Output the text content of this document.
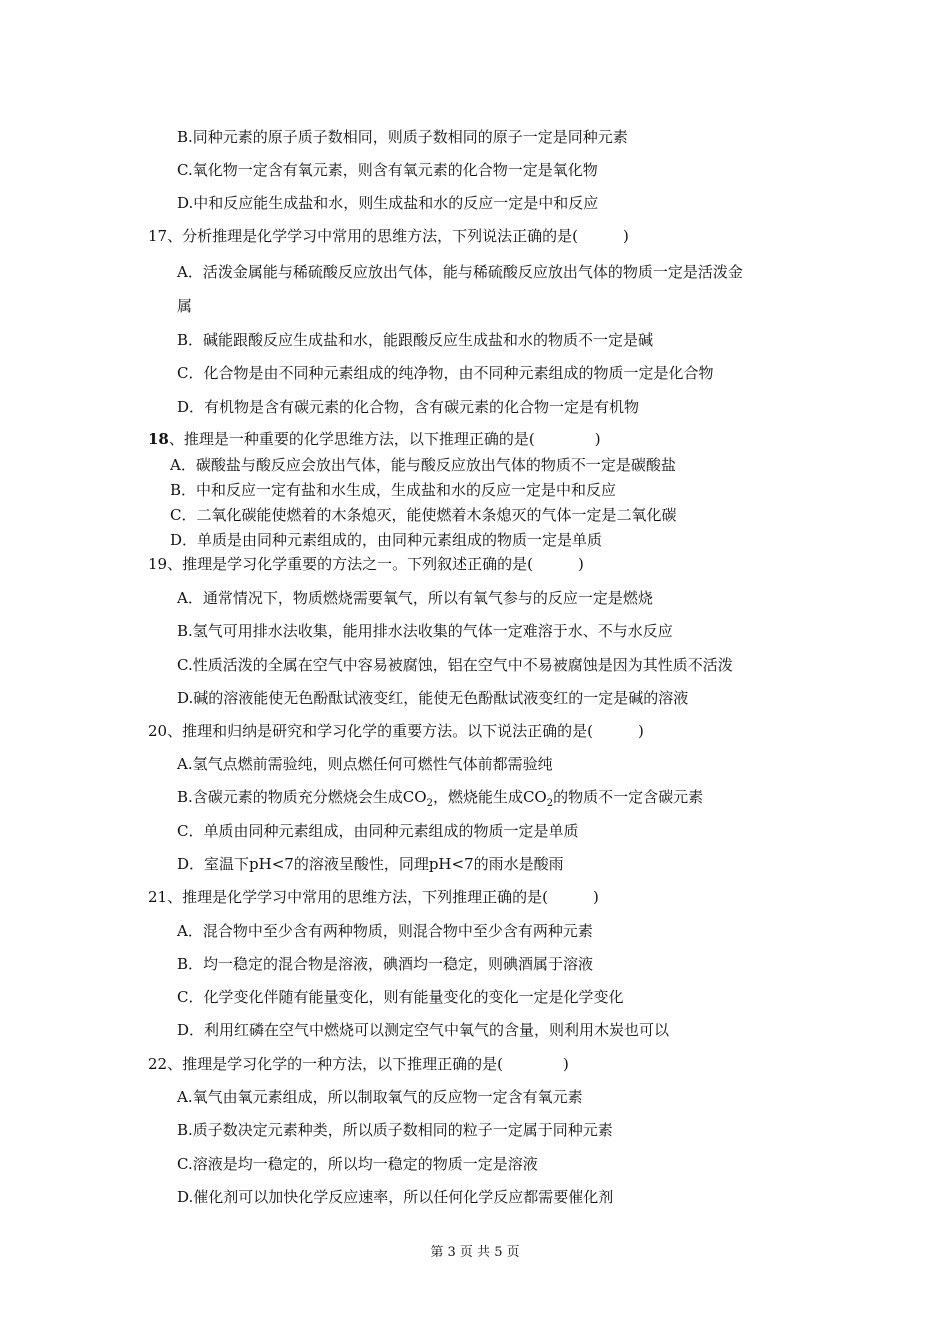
B.同种元素的原子质子数相同，则质子数相同的原子一定是同种元素
C.氧化物一定含有氧元素，则含有氧元素的化合物一定是氧化物
D.中和反应能生成盐和水，则生成盐和水的反应一定是中和反应
17、分析推理是化学学习中常用的思维方法，下列说法正确的是(　　　)
A．活泼金属能与稀硫酸反应放出气体，能与稀硫酸反应放出气体的物质一定是活泼金
属
B．碱能跟酸反应生成盐和水，能跟酸反应生成盐和水的物质不一定是碱
C．化合物是由不同种元素组成的纯净物，由不同种元素组成的物质一定是化合物
D．有机物是含有碳元素的化合物，含有碳元素的化合物一定是有机物
18、推理是一种重要的化学思维方法，以下推理正确的是(　　　　)
A．碳酸盐与酸反应会放出气体，能与酸反应放出气体的物质不一定是碳酸盐
B．中和反应一定有盐和水生成，生成盐和水的反应一定是中和反应
C．二氧化碳能使燃着的木条熄灭，能使燃着木条熄灭的气体一定是二氧化碳
D．单质是由同种元素组成的，由同种元素组成的物质一定是单质
19、推理是学习化学重要的方法之一。下列叙述正确的是(　　　)
A．通常情况下，物质燃烧需要氧气，所以有氧气参与的反应一定是燃烧
B.氢气可用排水法收集，能用排水法收集的气体一定难溶于水、不与水反应
C.性质活泼的全属在空气中容易被腐蚀，铝在空气中不易被腐蚀是因为其性质不活泼
D.碱的溶液能使无色酚酞试液变红，能使无色酚酞试液变红的一定是碱的溶液
20、推理和归纳是研究和学习化学的重要方法。以下说法正确的是(　　　)
A.氢气点燃前需验纯，则点燃任何可燃性气体前都需验纯
B.含碳元素的物质充分燃烧会生成$CO_2$，燃烧能生成$CO_2$的物质不一定含碳元素
C．单质由同种元素组成，由同种元素组成的物质一定是单质
D．室温下pH<7的溶液呈酸性，同理pH<7的雨水是酸雨
21、推理是化学学习中常用的思维方法，下列推理正确的是(　　　)
A．混合物中至少含有两种物质，则混合物中至少含有两种元素
B．均一稳定的混合物是溶液，碘酒均一稳定，则碘酒属于溶液
C．化学变化伴随有能量变化，则有能量变化的变化一定是化学变化
D．利用红磷在空气中燃烧可以测定空气中氧气的含量，则利用木炭也可以
22、推理是学习化学的一种方法，以下推理正确的是(　　　　)
A.氧气由氧元素组成，所以制取氧气的反应物一定含有氧元素
B.质子数决定元素种类，所以质子数相同的粒子一定属于同种元素
C.溶液是均一稳定的，所以均一稳定的物质一定是溶液
D.催化剂可以加快化学反应速率，所以任何化学反应都需要催化剂
第 3 页 共 5 页
